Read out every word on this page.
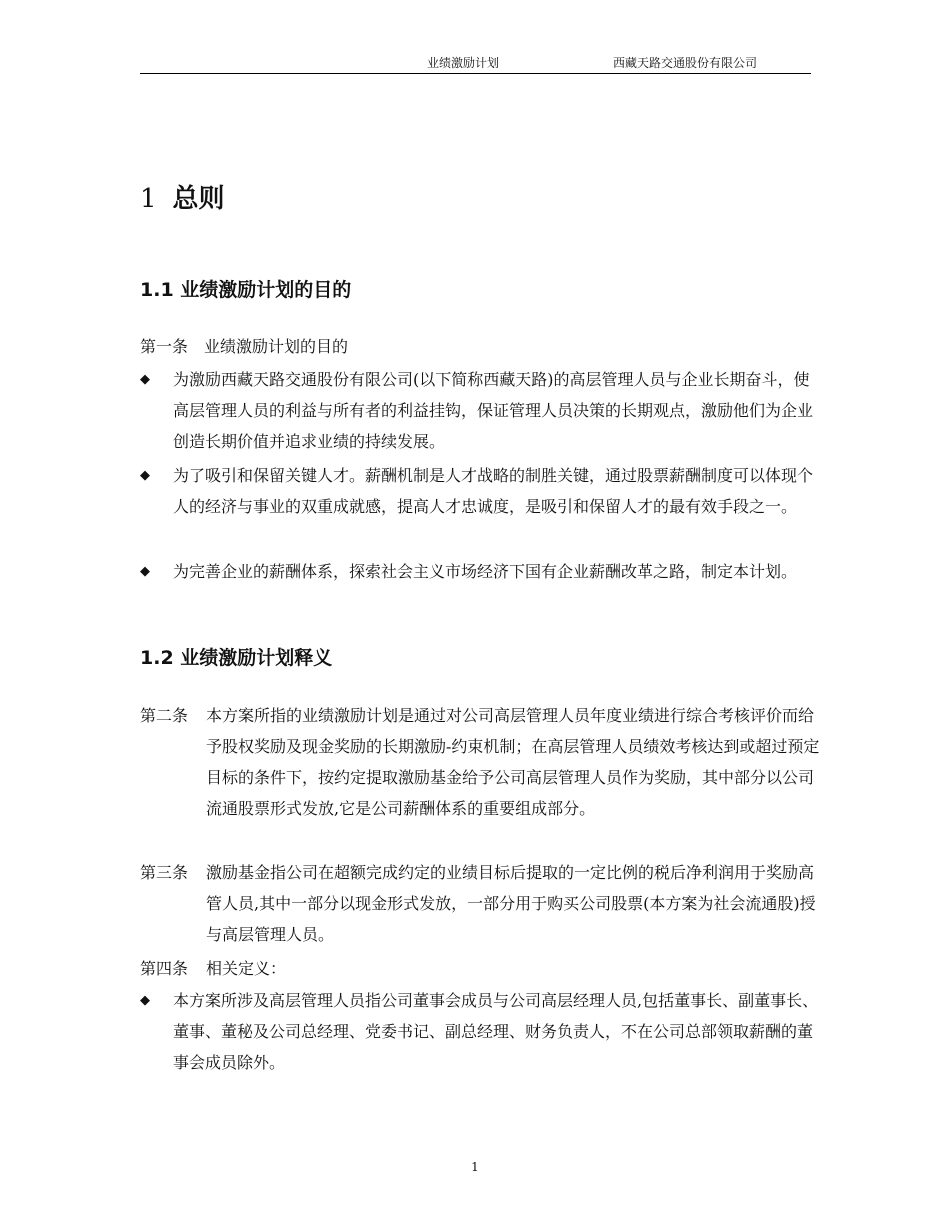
业绩激励计划	西藏天路交通股份有限公司
1 总则
1.1 业绩激励计划的目的
第一条　业绩激励计划的目的
◆ 为激励西藏天路交通股份有限公司(以下简称西藏天路)的高层管理人员与企业长期奋斗，使高层管理人员的利益与所有者的利益挂钩，保证管理人员决策的长期观点，激励他们为企业创造长期价值并追求业绩的持续发展。
◆ 为了吸引和保留关键人才。薪酬机制是人才战略的制胜关键，通过股票薪酬制度可以体现个人的经济与事业的双重成就感，提高人才忠诚度，是吸引和保留人才的最有效手段之一。
◆ 为完善企业的薪酬体系，探索社会主义市场经济下国有企业薪酬改革之路，制定本计划。
1.2 业绩激励计划释义
第二条 本方案所指的业绩激励计划是通过对公司高层管理人员年度业绩进行综合考核评价而给予股权奖励及现金奖励的长期激励-约束机制；在高层管理人员绩效考核达到或超过预定目标的条件下，按约定提取激励基金给予公司高层管理人员作为奖励，其中部分以公司流通股票形式发放,它是公司薪酬体系的重要组成部分。
第三条 激励基金指公司在超额完成约定的业绩目标后提取的一定比例的税后净利润用于奖励高管人员,其中一部分以现金形式发放，一部分用于购买公司股票(本方案为社会流通股)授与高层管理人员。
第四条 相关定义：
◆ 本方案所涉及高层管理人员指公司董事会成员与公司高层经理人员,包括董事长、副董事长、董事、董秘及公司总经理、党委书记、副总经理、财务负责人，不在公司总部领取薪酬的董事会成员除外。
1
